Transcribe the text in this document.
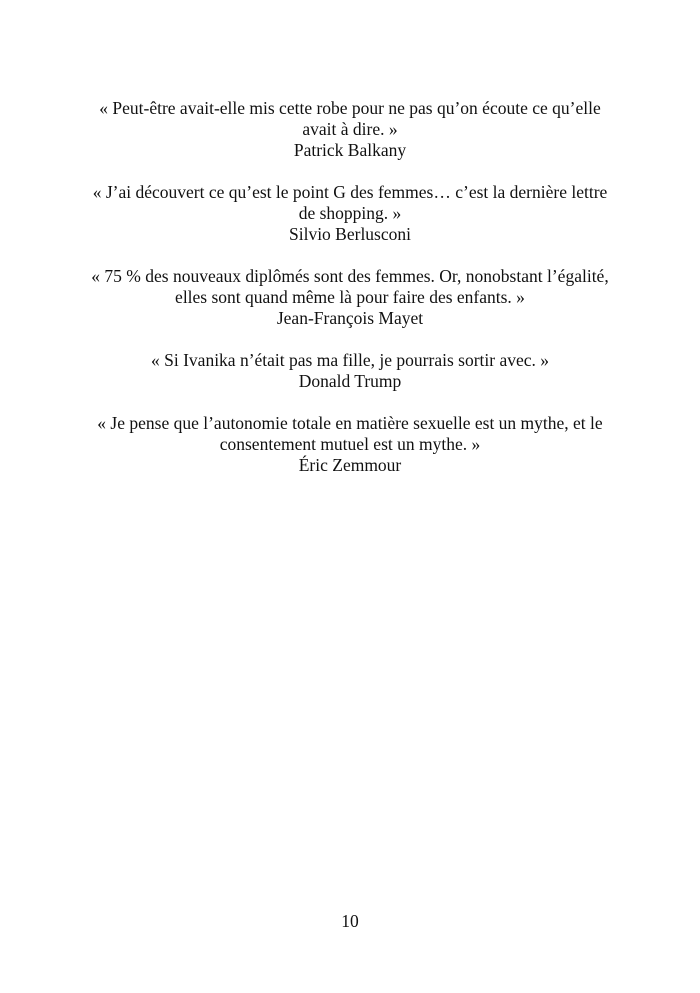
« Peut-être avait-elle mis cette robe pour ne pas qu’on écoute ce qu’elle
avait à dire. »
Patrick Balkany
« J’ai découvert ce qu’est le point G des femmes… c’est la dernière lettre
de shopping. »
Silvio Berlusconi
« 75 % des nouveaux diplômés sont des femmes. Or, nonobstant l’égalité,
elles sont quand même là pour faire des enfants. »
Jean-François Mayet
« Si Ivanika n’était pas ma fille, je pourrais sortir avec. »
Donald Trump
« Je pense que l’autonomie totale en matière sexuelle est un mythe, et le
consentement mutuel est un mythe. »
Éric Zemmour
10
